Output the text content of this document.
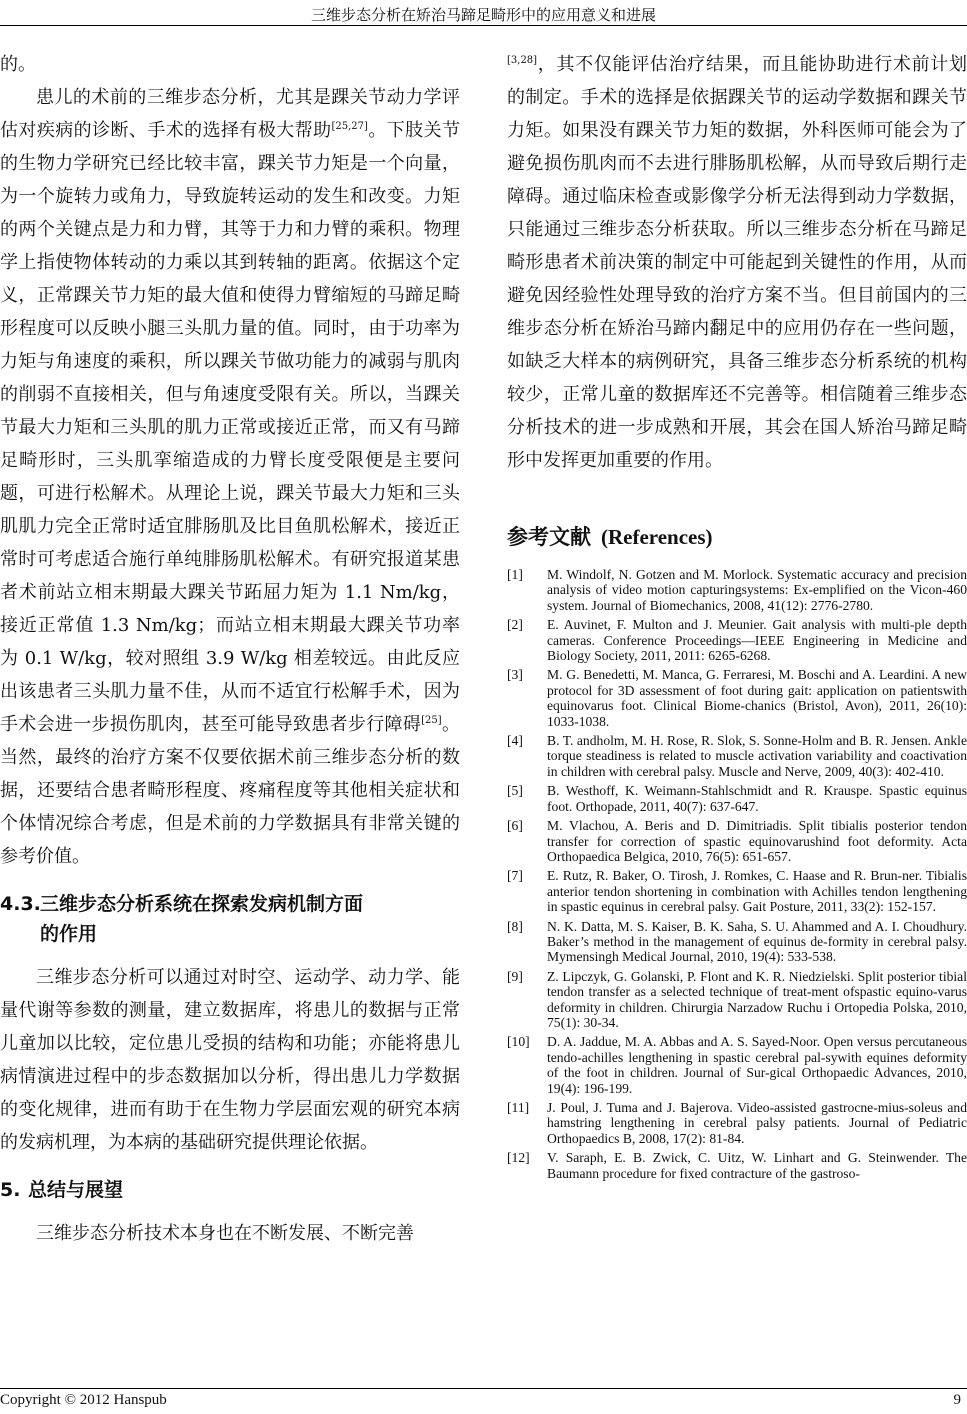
三维步态分析在矫治马蹄足畸形中的应用意义和进展

的。

患儿的术前的三维步态分析，尤其是踝关节动力学评估对疾病的诊断、手术的选择有极大帮助[25,27]。下肢关节的生物力学研究已经比较丰富，踝关节力矩是一个向量，为一个旋转力或角力，导致旋转运动的发生和改变。力矩的两个关键点是力和力臂，其等于力和力臂的乘积。物理学上指使物体转动的力乘以其到转轴的距离。依据这个定义，正常踝关节力矩的最大值和使得力臂缩短的马蹄足畸形程度可以反映小腿三头肌力量的值。同时，由于功率为力矩与角速度的乘积，所以踝关节做功能力的减弱与肌肉的削弱不直接相关，但与角速度受限有关。所以，当踝关节最大力矩和三头肌的肌力正常或接近正常，而又有马蹄足畸形时，三头肌挛缩造成的力臂长度受限便是主要问题，可进行松解术。从理论上说，踝关节最大力矩和三头肌肌力完全正常时适宜腓肠肌及比目鱼肌松解术，接近正常时可考虑适合施行单纯腓肠肌松解术。有研究报道某患者术前站立相末期最大踝关节跖屈力矩为 1.1 Nm/kg，接近正常值 1.3 Nm/kg；而站立相末期最大踝关节功率为 0.1 W/kg，较对照组 3.9 W/kg 相差较远。由此反应出该患者三头肌力量不佳，从而不适宜行松解手术，因为手术会进一步损伤肌肉，甚至可能导致患者步行障碍[25]。当然，最终的治疗方案不仅要依据术前三维步态分析的数据，还要结合患者畸形程度、疼痛程度等其他相关症状和个体情况综合考虑，但是术前的力学数据具有非常关键的参考价值。

4.3.三维步态分析系统在探索发病机制方面
的作用

三维步态分析可以通过对时空、运动学、动力学、能量代谢等参数的测量，建立数据库，将患儿的数据与正常儿童加以比较，定位患儿受损的结构和功能；亦能将患儿病情演进过程中的步态数据加以分析，得出患儿力学数据的变化规律，进而有助于在生物力学层面宏观的研究本病的发病机理，为本病的基础研究提供理论依据。

5. 总结与展望

三维步态分析技术本身也在不断发展、不断完善

[3,28]，其不仅能评估治疗结果，而且能协助进行术前计划的制定。手术的选择是依据踝关节的运动学数据和踝关节力矩。如果没有踝关节力矩的数据，外科医师可能会为了避免损伤肌肉而不去进行腓肠肌松解，从而导致后期行走障碍。通过临床检查或影像学分析无法得到动力学数据，只能通过三维步态分析获取。所以三维步态分析在马蹄足畸形患者术前决策的制定中可能起到关键性的作用，从而避免因经验性处理导致的治疗方案不当。但目前国内的三维步态分析在矫治马蹄内翻足中的应用仍存在一些问题，如缺乏大样本的病例研究，具备三维步态分析系统的机构较少，正常儿童的数据库还不完善等。相信随着三维步态分析技术的进一步成熟和开展，其会在国人矫治马蹄足畸形中发挥更加重要的作用。

参考文献 (References)
[1] M. Windolf, N. Gotzen and M. Morlock. Systematic accuracy and precision analysis of video motion capturingsystems: Ex-emplified on the Vicon-460 system. Journal of Biomechanics, 2008, 41(12): 2776-2780.
[2] E. Auvinet, F. Multon and J. Meunier. Gait analysis with multi-ple depth cameras. Conference Proceedings—IEEE Engineering in Medicine and Biology Society, 2011, 2011: 6265-6268.
[3] M. G. Benedetti, M. Manca, G. Ferraresi, M. Boschi and A. Leardini. A new protocol for 3D assessment of foot during gait: application on patientswith equinovarus foot. Clinical Biome-chanics (Bristol, Avon), 2011, 26(10): 1033-1038.
[4] B. T. andholm, M. H. Rose, R. Slok, S. Sonne-Holm and B. R. Jensen. Ankle torque steadiness is related to muscle activation variability and coactivation in children with cerebral palsy. Muscle and Nerve, 2009, 40(3): 402-410.
[5] B. Westhoff, K. Weimann-Stahlschmidt and R. Krauspe. Spastic equinus foot. Orthopade, 2011, 40(7): 637-647.
[6] M. Vlachou, A. Beris and D. Dimitriadis. Split tibialis posterior tendon transfer for correction of spastic equinovarushind foot deformity. Acta Orthopaedica Belgica, 2010, 76(5): 651-657.
[7] E. Rutz, R. Baker, O. Tirosh, J. Romkes, C. Haase and R. Brun-ner. Tibialis anterior tendon shortening in combination with Achilles tendon lengthening in spastic equinus in cerebral palsy. Gait Posture, 2011, 33(2): 152-157.
[8] N. K. Datta, M. S. Kaiser, B. K. Saha, S. U. Ahammed and A. I. Choudhury. Baker’s method in the management of equinus de-formity in cerebral palsy. Mymensingh Medical Journal, 2010, 19(4): 533-538.
[9] Z. Lipczyk, G. Golanski, P. Flont and K. R. Niedzielski. Split posterior tibial tendon transfer as a selected technique of treat-ment ofspastic equino-varus deformity in children. Chirurgia Narzadow Ruchu i Ortopedia Polska, 2010, 75(1): 30-34.
[10] D. A. Jaddue, M. A. Abbas and A. S. Sayed-Noor. Open versus percutaneous tendo-achilles lengthening in spastic cerebral pal-sywith equines deformity of the foot in children. Journal of Sur-gical Orthopaedic Advances, 2010, 19(4): 196-199.
[11] J. Poul, J. Tuma and J. Bajerova. Video-assisted gastrocne-mius-soleus and hamstring lengthening in cerebral palsy patients. Journal of Pediatric Orthopaedics B, 2008, 17(2): 81-84.
[12] V. Saraph, E. B. Zwick, C. Uitz, W. Linhart and G. Steinwender. The Baumann procedure for fixed contracture of the gastroso-
Copyright © 2012 Hanspub	9
